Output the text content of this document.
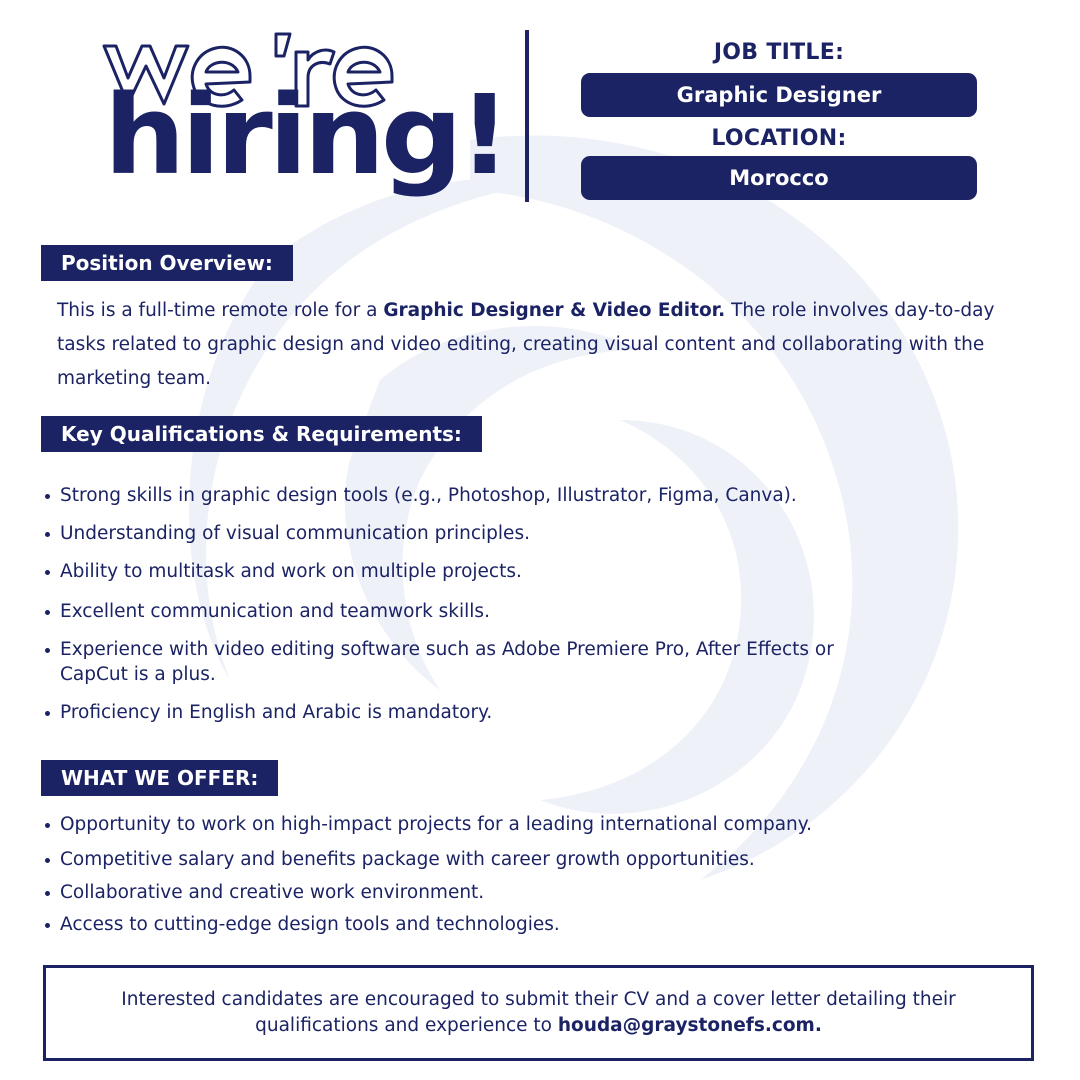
hiring!
JOB TITLE:
Graphic Designer
LOCATION:
Morocco
Position Overview:
This is a full-time remote role for a Graphic Designer & Video Editor. The role involves day-to-day tasks related to graphic design and video editing, creating visual content and collaborating with the marketing team.
Key Qualifications & Requirements:
Strong skills in graphic design tools (e.g., Photoshop, Illustrator, Figma, Canva).
Understanding of visual communication principles.
Ability to multitask and work on multiple projects.
Excellent communication and teamwork skills.
Experience with video editing software such as Adobe Premiere Pro, After Effects or CapCut is a plus.
Proficiency in English and Arabic is mandatory.
WHAT WE OFFER:
Opportunity to work on high-impact projects for a leading international company.
Competitive salary and benefits package with career growth opportunities.
Collaborative and creative work environment.
Access to cutting-edge design tools and technologies.
Interested candidates are encouraged to submit their CV and a cover letter detailing their qualifications and experience to houda@graystonefs.com.
